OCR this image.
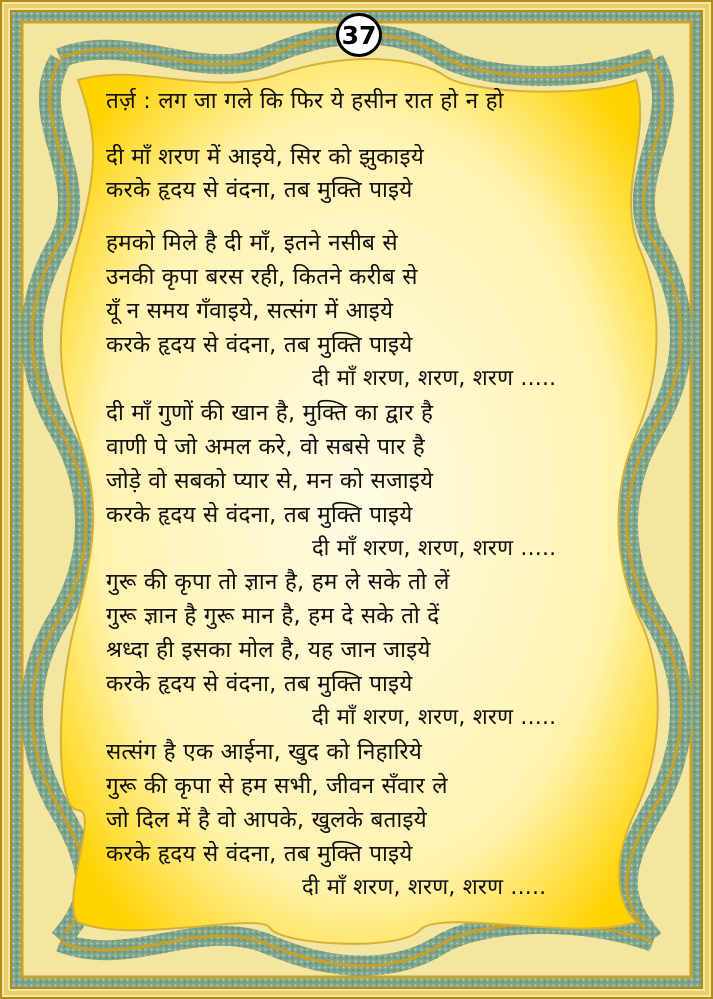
37
तर्ज़ : लग जा गले कि फिर ये हसीन रात हो न हो
दी माँ शरण में आइये, सिर को झुकाइये
करके हृदय से वंदना, तब मुक्ति पाइये
हमको मिले है दी माँ, इतने नसीब से
उनकी कृपा बरस रही, कितने करीब से
यूँ न समय गँवाइये, सत्संग में आइये
करके हृदय से वंदना, तब मुक्ति पाइये
दी माँ शरण, शरण, शरण .....
दी माँ गुणों की खान है, मुक्ति का द्वार है
वाणी पे जो अमल करे, वो सबसे पार है
जोड़े वो सबको प्यार से, मन को सजाइये
करके हृदय से वंदना, तब मुक्ति पाइये
दी माँ शरण, शरण, शरण .....
गुरू की कृपा तो ज्ञान है, हम ले सके तो लें
गुरू ज्ञान है गुरू मान है, हम दे सके तो दें
श्रध्दा ही इसका मोल है, यह जान जाइये
करके हृदय से वंदना, तब मुक्ति पाइये
दी माँ शरण, शरण, शरण .....
सत्संग है एक आईना, खुद को निहारिये
गुरू की कृपा से हम सभी, जीवन सँवार ले
जो दिल में है वो आपके, खुलके बताइये
करके हृदय से वंदना, तब मुक्ति पाइये
दी माँ शरण, शरण, शरण .....
